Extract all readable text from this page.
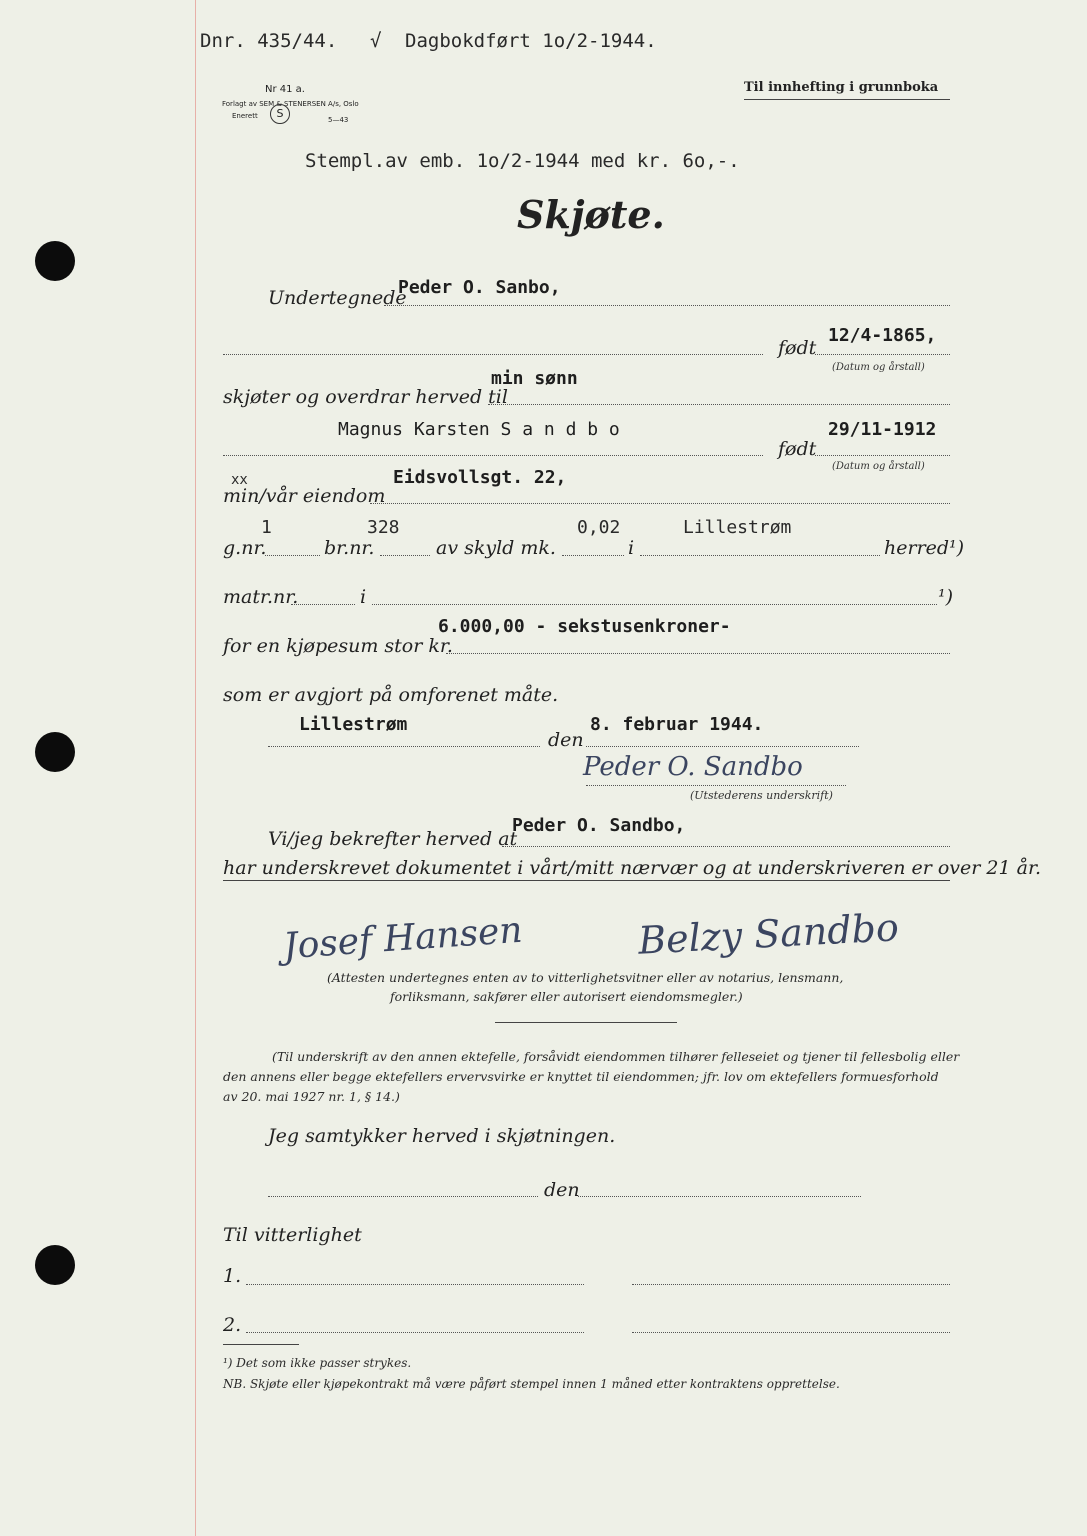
Dnr. 435/44. √ Dagbokdført 1o/2-1944.
Nr 41 a.
Forlagt av SEM & STENERSEN A/s, Oslo
Enerett	S	5—43
Til innhefting i grunnboka
Stempl.av emb. 1o/2-1944 med kr. 6o,-.
Skjøte.
Undertegnede
Peder O. Sanbo,
12/4-1865,
født
(Datum og årstall)
min sønn
skjøter og overdrar herved til
Magnus Karsten S a n d b o	29/11-1912
født
(Datum og årstall)
xx	Eidsvollsgt. 22,
min/vår eiendom
1	328	0,02	Lillestrøm
g.nr.	br.nr.	av skyld mk.	i	herred¹)
matr.nr.	i	¹)
6.000,00 - sekstusenkroner-
for en kjøpesum stor kr.
som er avgjort på omforenet måte.
Lillestrøm
den
8. februar 1944.
Peder O. Sandbo
(Utstederens underskrift)
Vi/jeg bekrefter herved at
Peder O. Sandbo,
har underskrevet dokumentet i vårt/mitt nærvær og at underskriveren er over 21 år.
Josef Hansen	Belzy Sandbo
(Attesten undertegnes enten av to vitterlighetsvitner eller av notarius, lensmann,
forliksmann, sakfører eller autorisert eiendomsmegler.)
(Til underskrift av den annen ektefelle, forsåvidt eiendommen tilhører felleseiet og tjener til fellesbolig eller
den annens eller begge ektefellers ervervsvirke er knyttet til eiendommen; jfr. lov om ektefellers formuesforhold
av 20. mai 1927 nr. 1, § 14.)
Jeg samtykker herved i skjøtningen.
den
Til vitterlighet
1.
2.
¹) Det som ikke passer strykes.
NB. Skjøte eller kjøpekontrakt må være påført stempel innen 1 måned etter kontraktens opprettelse.
